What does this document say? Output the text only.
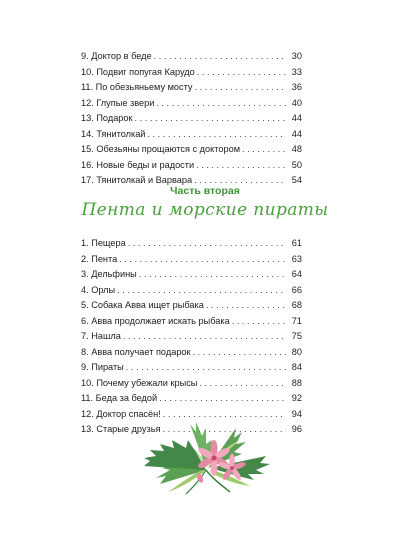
9. Доктор в беде . . .	30
10. Подвиг попугая Карудо . . .	33
11. По обезьяньему мосту . . .	36
12. Глупые звери . . .	40
13. Подарок . . .	44
14. Тянитолкай . . .	44
15. Обезьяны прощаются с доктором . . .	48
16. Новые беды и радости . . .	50
17. Тянитолкай и Варвара . . .	54
Часть вторая
Пента и морские пираты
1. Пещера . . .	61
2. Пента . . .	63
3. Дельфины . . .	64
4. Орлы . . .	66
5. Собака Авва ищет рыбака . . .	68
6. Авва продолжает искать рыбака . . .	71
7. Нашла . . .	75
8. Авва получает подарок . . .	80
9. Пираты . . .	84
10. Почему убежали крысы . . .	88
11. Беда за бедой . . .	92
12. Доктор спасён! . . .	94
13. Старые друзья . . .	96
